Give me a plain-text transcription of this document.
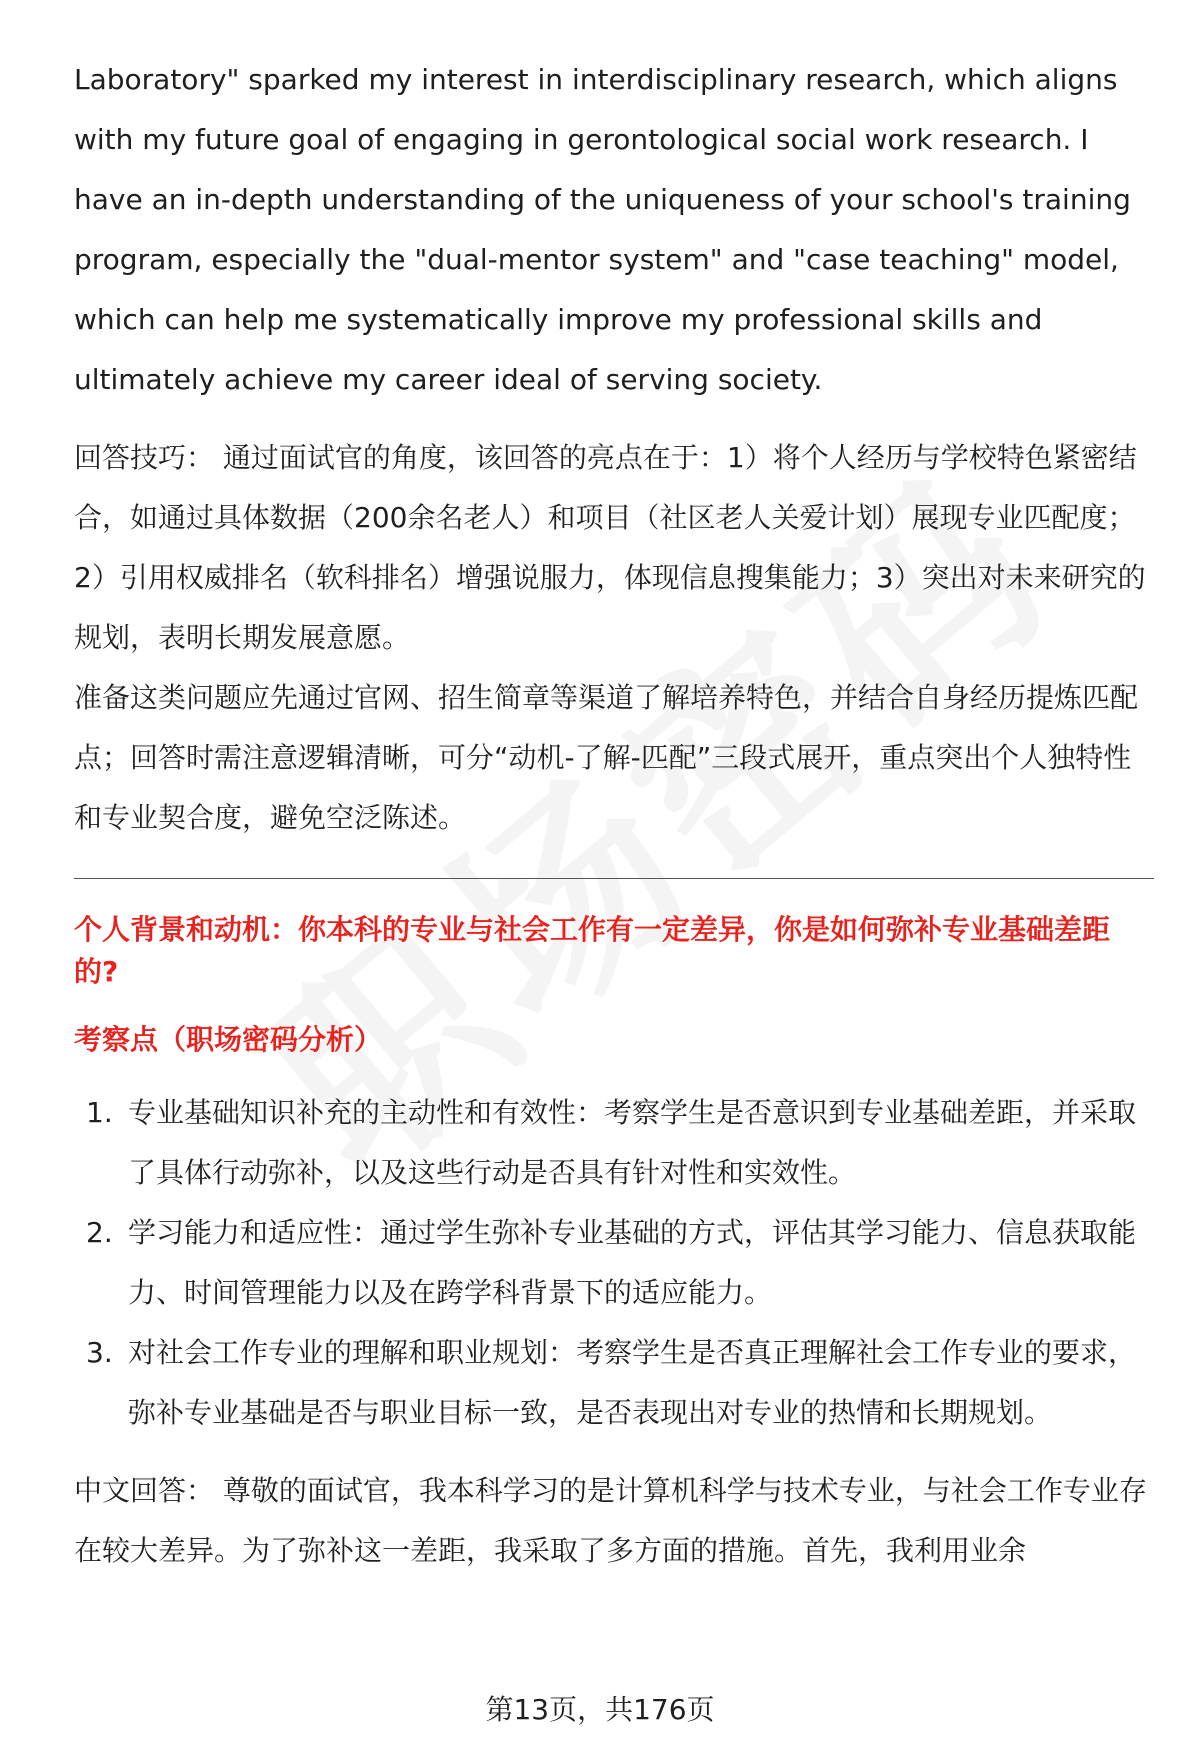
Laboratory" sparked my interest in interdisciplinary research, which aligns with my future goal of engaging in gerontological social work research. I have an in-depth understanding of the uniqueness of your school's training program, especially the "dual-mentor system" and "case teaching" model, which can help me systematically improve my professional skills and ultimately achieve my career ideal of serving society.

回答技巧： 通过面试官的角度，该回答的亮点在于：1）将个人经历与学校特色紧密结合，如通过具体数据（200余名老人）和项目（社区老人关爱计划）展现专业匹配度；2）引用权威排名（软科排名）增强说服力，体现信息搜集能力；3）突出对未来研究的规划，表明长期发展意愿。

准备这类问题应先通过官网、招生简章等渠道了解培养特色，并结合自身经历提炼匹配点；回答时需注意逻辑清晰，可分“动机-了解-匹配”三段式展开，重点突出个人独特性和专业契合度，避免空泛陈述。

个人背景和动机：你本科的专业与社会工作有一定差异，你是如何弥补专业基础差距的?

考察点（职场密码分析）

1. 专业基础知识补充的主动性和有效性：考察学生是否意识到专业基础差距，并采取了具体行动弥补，以及这些行动是否具有针对性和实效性。
2. 学习能力和适应性：通过学生弥补专业基础的方式，评估其学习能力、信息获取能力、时间管理能力以及在跨学科背景下的适应能力。
3. 对社会工作专业的理解和职业规划：考察学生是否真正理解社会工作专业的要求，弥补专业基础是否与职业目标一致，是否表现出对专业的热情和长期规划。

中文回答： 尊敬的面试官，我本科学习的是计算机科学与技术专业，与社会工作专业存在较大差异。为了弥补这一差距，我采取了多方面的措施。首先，我利用业余

第13页，共176页
